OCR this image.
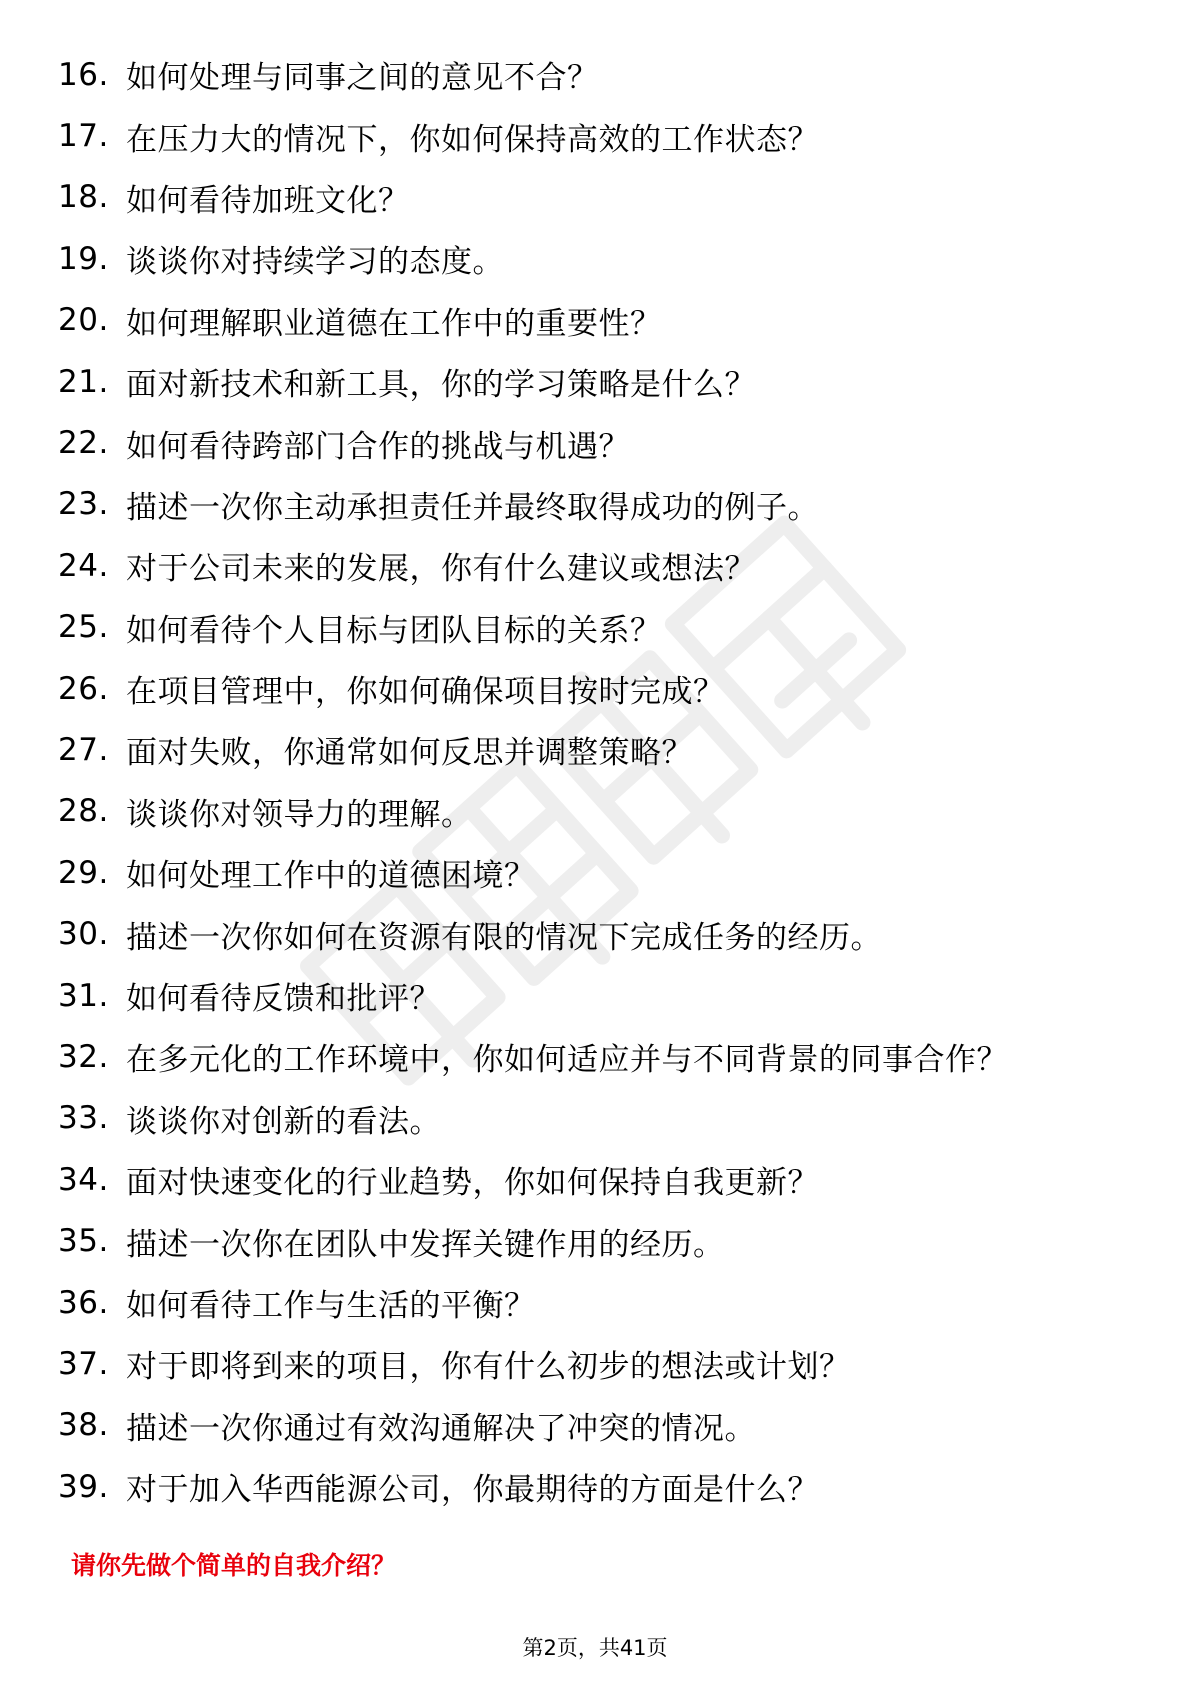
16. 如何处理与同事之间的意见不合？
17. 在压力大的情况下，你如何保持高效的工作状态？
18. 如何看待加班文化？
19. 谈谈你对持续学习的态度。
20. 如何理解职业道德在工作中的重要性？
21. 面对新技术和新工具，你的学习策略是什么？
22. 如何看待跨部门合作的挑战与机遇？
23. 描述一次你主动承担责任并最终取得成功的例子。
24. 对于公司未来的发展，你有什么建议或想法？
25. 如何看待个人目标与团队目标的关系？
26. 在项目管理中，你如何确保项目按时完成？
27. 面对失败，你通常如何反思并调整策略？
28. 谈谈你对领导力的理解。
29. 如何处理工作中的道德困境？
30. 描述一次你如何在资源有限的情况下完成任务的经历。
31. 如何看待反馈和批评？
32. 在多元化的工作环境中，你如何适应并与不同背景的同事合作？
33. 谈谈你对创新的看法。
34. 面对快速变化的行业趋势，你如何保持自我更新？
35. 描述一次你在团队中发挥关键作用的经历。
36. 如何看待工作与生活的平衡？
37. 对于即将到来的项目，你有什么初步的想法或计划？
38. 描述一次你通过有效沟通解决了冲突的情况。
39. 对于加入华西能源公司，你最期待的方面是什么？

请你先做个简单的自我介绍？

第2页，共41页
